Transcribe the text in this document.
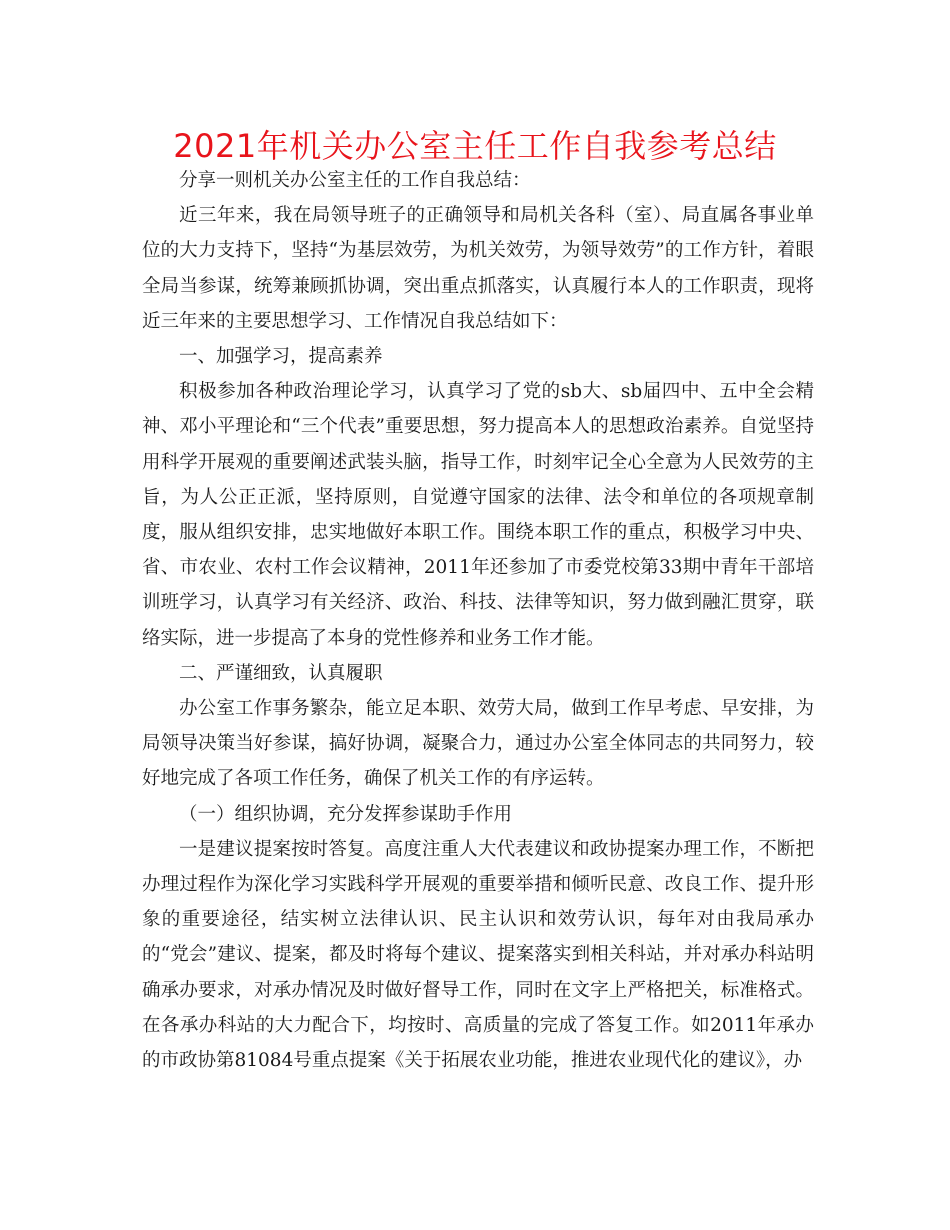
2021年机关办公室主任工作自我参考总结

分享一则机关办公室主任的工作自我总结：

近三年来，我在局领导班子的正确领导和局机关各科（室）、局直属各事业单位的大力支持下，坚持“为基层效劳，为机关效劳，为领导效劳”的工作方针，着眼全局当参谋，统筹兼顾抓协调，突出重点抓落实，认真履行本人的工作职责，现将近三年来的主要思想学习、工作情况自我总结如下：

一、加强学习，提高素养

积极参加各种政治理论学习，认真学习了党的sb大、sb届四中、五中全会精神、邓小平理论和“三个代表”重要思想，努力提高本人的思想政治素养。自觉坚持用科学开展观的重要阐述武装头脑，指导工作，时刻牢记全心全意为人民效劳的主旨，为人公正正派，坚持原则，自觉遵守国家的法律、法令和单位的各项规章制度，服从组织安排，忠实地做好本职工作。围绕本职工作的重点，积极学习中央、省、市农业、农村工作会议精神，2011年还参加了市委党校第33期中青年干部培训班学习，认真学习有关经济、政治、科技、法律等知识，努力做到融汇贯穿，联络实际，进一步提高了本身的党性修养和业务工作才能。

二、严谨细致，认真履职

办公室工作事务繁杂，能立足本职、效劳大局，做到工作早考虑、早安排，为局领导决策当好参谋，搞好协调，凝聚合力，通过办公室全体同志的共同努力，较好地完成了各项工作任务，确保了机关工作的有序运转。

（一）组织协调，充分发挥参谋助手作用

一是建议提案按时答复。高度注重人大代表建议和政协提案办理工作，不断把办理过程作为深化学习实践科学开展观的重要举措和倾听民意、改良工作、提升形象的重要途径，结实树立法律认识、民主认识和效劳认识，每年对由我局承办的“党会”建议、提案，都及时将每个建议、提案落实到相关科站，并对承办科站明确承办要求，对承办情况及时做好督导工作，同时在文字上严格把关，标准格式。在各承办科站的大力配合下，均按时、高质量的完成了答复工作。如2011年承办的市政协第81084号重点提案《关于拓展农业功能，推进农业现代化的建议》，办
